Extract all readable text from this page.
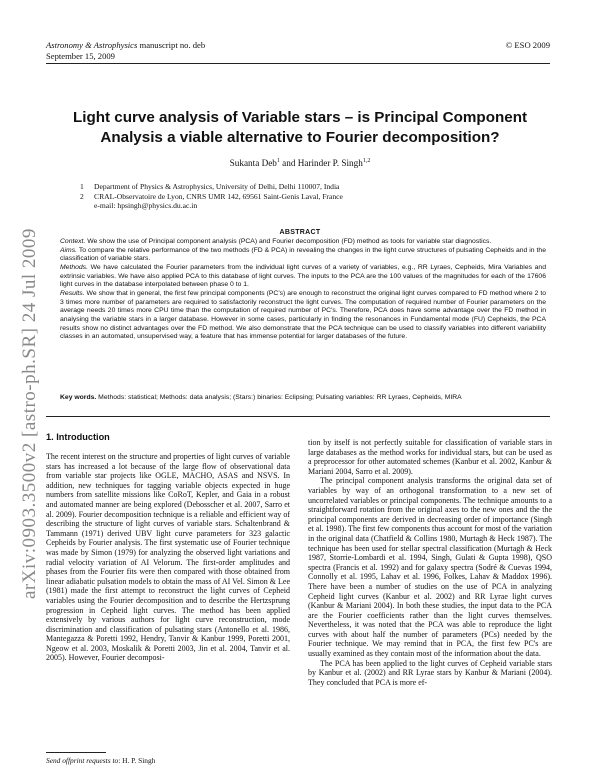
Astronomy & Astrophysics manuscript no. deb
September 15, 2009
© ESO 2009
Light curve analysis of Variable stars – is Principal Component
Analysis a viable alternative to Fourier decomposition?
Sukanta Deb$^1$ and Harinder P. Singh$^{1,2}$
1	Department of Physics & Astrophysics, University of Delhi, Delhi 110007, India
2	CRAL-Observatoire de Lyon, CNRS UMR 142, 69561 Saint-Genis Laval, France
e-mail: hpsingh@physics.du.ac.in
ABSTRACT

Context. We show the use of Principal component analysis (PCA) and Fourier decomposition (FD) method as tools for variable star diagnostics.

Aims. To compare the relative performance of the two methods (FD & PCA) in revealing the changes in the light curve structures of pulsating Cepheids and in the classification of variable stars.

Methods. We have calculated the Fourier parameters from the individual light curves of a variety of variables, e.g., RR Lyraes, Cepheids, Mira Variables and extrinsic variables. We have also applied PCA to this database of light curves. The inputs to the PCA are the 100 values of the magnitudes for each of the 17606 light curves in the database interpolated between phase 0 to 1.

Results. We show that in general, the first few principal components (PC's) are enough to reconstruct the original light curves compared to FD method where 2 to 3 times more number of parameters are required to satisfactorily reconstruct the light curves. The computation of required number of Fourier parameters on the average needs 20 times more CPU time than the computation of required number of PC's. Therefore, PCA does have some advantage over the FD method in analysing the variable stars in a larger database. However in some cases, particularly in finding the resonances in Fundamental mode (FU) Cepheids, the PCA results show no distinct advantages over the FD method. We also demonstrate that the PCA technique can be used to classify variables into different variability classes in an automated, unsupervised way, a feature that has immense potential for larger databases of the future.

Key words. Methods: statistical; Methods: data analysis; (Stars:) binaries: Eclipsing; Pulsating variables: RR Lyraes, Cepheids, MIRA
1. Introduction

The recent interest on the structure and properties of light curves of variable stars has increased a lot because of the large flow of observational data from variable star projects like OGLE, MACHO, ASAS and NSVS. In addition, new techniques for tagging variable objects expected in huge numbers from satellite missions like CoRoT, Kepler, and Gaia in a robust and automated manner are being explored (Debosscher et al. 2007, Sarro et al. 2009). Fourier decomposition technique is a reliable and efficient way of describing the structure of light curves of variable stars. Schaltenbrand & Tammann (1971) derived UBV light curve parameters for 323 galactic Cepheids by Fourier analysis. The first systematic use of Fourier technique was made by Simon (1979) for analyzing the observed light variations and radial velocity variation of AI Velorum. The first-order amplitudes and phases from the Fourier fits were then compared with those obtained from linear adiabatic pulsation models to obtain the mass of AI Vel. Simon & Lee (1981) made the first attempt to reconstruct the light curves of Cepheid variables using the Fourier decomposition and to describe the Hertzsprung progression in Cepheid light curves. The method has been applied extensively by various authors for light curve reconstruction, mode discrimination and classification of pulsating stars (Antonello et al. 1986, Mantegazza & Poretti 1992, Hendry, Tanvir & Kanbur 1999, Poretti 2001, Ngeow et al. 2003, Moskalik & Poretti 2003, Jin et al. 2004, Tanvir et al. 2005). However, Fourier decomposi-

tion by itself is not perfectly suitable for classification of variable stars in large databases as the method works for individual stars, but can be used as a preprocessor for other automated schemes (Kanbur et al. 2002, Kanbur & Mariani 2004, Sarro et al. 2009).

The principal component analysis transforms the original data set of variables by way of an orthogonal transformation to a new set of uncorrelated variables or principal components. The technique amounts to a straightforward rotation from the original axes to the new ones and the the principal components are derived in decreasing order of importance (Singh et al. 1998). The first few components thus account for most of the variation in the original data (Chatfield & Collins 1980, Murtagh & Heck 1987). The technique has been used for stellar spectral classification (Murtagh & Heck 1987, Storrie-Lombardi et al. 1994, Singh, Gulati & Gupta 1998), QSO spectra (Francis et al. 1992) and for galaxy spectra (Sodré & Cuevas 1994, Connolly et al. 1995, Lahav et al. 1996, Folkes, Lahav & Maddox 1996). There have been a number of studies on the use of PCA in analyzing Cepheid light curves (Kanbur et al. 2002) and RR Lyrae light curves (Kanbur & Mariani 2004). In both these studies, the input data to the PCA are the Fourier coefficients rather than the light curves themselves. Nevertheless, it was noted that the PCA was able to reproduce the light curves with about half the number of parameters (PCs) needed by the Fourier technique. We may remind that in PCA, the first few PC's are usually examined as they contain most of the information about the data.

The PCA has been applied to the light curves of Cepheid variable stars by Kanbur et al. (2002) and RR Lyrae stars by Kanbur & Mariani (2004). They concluded that PCA is more ef-

arXiv:0903.3500v2 [astro-ph.SR] 24 Jul 2009
Send offprint requests to: H. P. Singh
